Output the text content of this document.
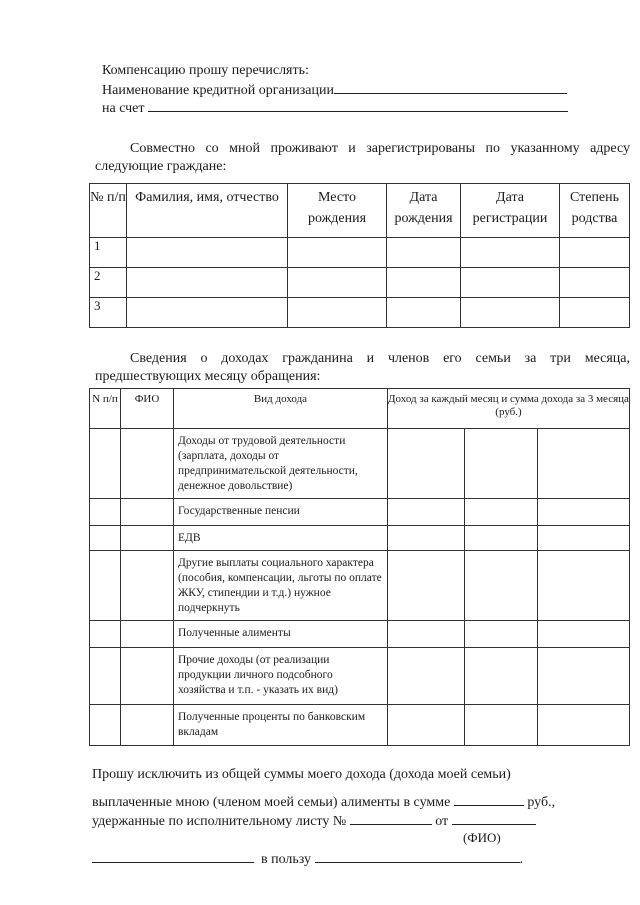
Компенсацию прошу перечислять:
Наименование кредитной организации
на счет
Совместно со мной проживают и зарегистрированы по указанному адресу следующие граждане:
№ п/п	Фамилия, имя, отчество	Место рождения	Дата рождения	Дата регистрации	Степень родства
1					
2					
3					
Сведения о доходах гражданина и членов его семьи за три месяца, предшествующих месяцу обращения:
N п/п	ФИО	Вид дохода	Доход за каждый месяц и сумма дохода за 3 месяца (руб.)		
		Доходы от трудовой деятельности (зарплата, доходы от предпринимательской деятельности, денежное довольствие)			
		Государственные пенсии			
		ЕДВ			
		Другие выплаты социального характера (пособия, компенсации, льготы по оплате ЖКУ, стипендии и т.д.) нужное подчеркнуть			
		Полученные алименты			
		Прочие доходы (от реализации продукции личного подсобного хозяйства и т.п. - указать их вид)			
		Полученные проценты по банковским вкладам			
Прошу исключить из общей суммы моего дохода (дохода моей семьи)
выплаченные мною (членом моей семьи) алименты в сумме	руб.,
удержанные по исполнительному листу №	от
(ФИО)
в пользу	.
